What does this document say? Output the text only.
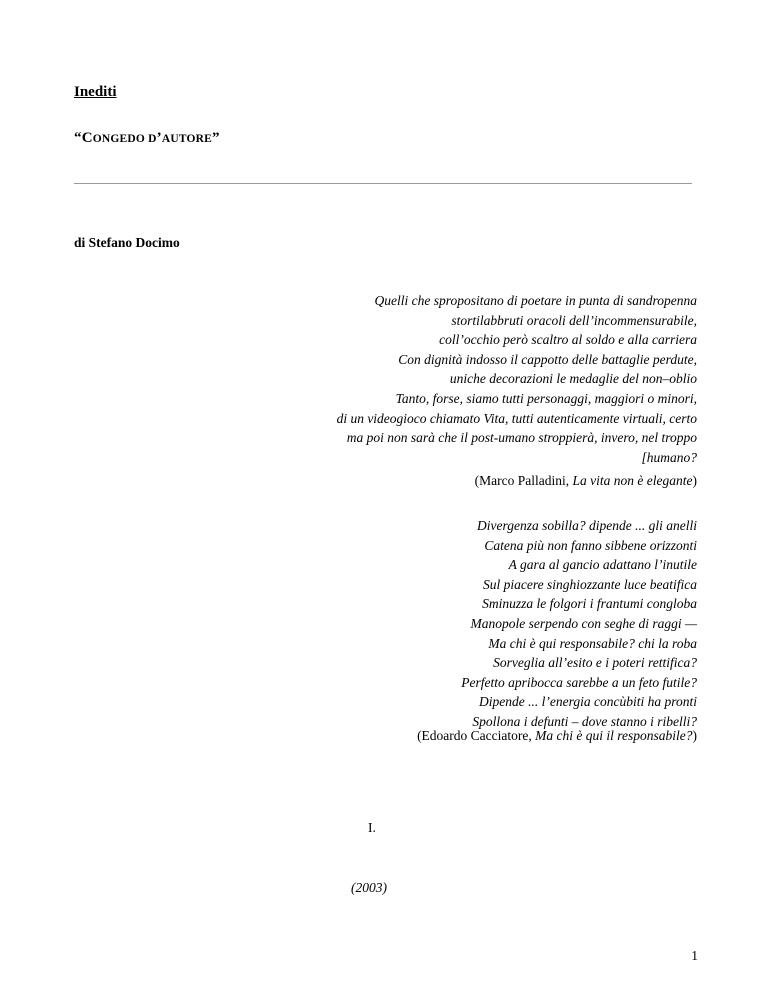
Inediti
“CONGEDO D’AUTORE”
di Stefano Docimo
Quelli che spropositano di poetare in punta di sandropenna
stortilabbruti oracoli dell’incommensurabile,
coll’occhio però scaltro al soldo e alla carriera
Con dignità indosso il cappotto delle battaglie perdute,
uniche decorazioni le medaglie del non–oblio
Tanto, forse, siamo tutti personaggi, maggiori o minori,
di un videogioco chiamato Vita, tutti autenticamente virtuali, certo
ma poi non sarà che il post-umano stroppierà, invero, nel troppo
[humano?
(Marco Palladini, La vita non è elegante)
Divergenza sobilla? dipende ... gli anelli
Catena più non fanno sibbene orizzonti
A gara al gancio adattano l’inutile
Sul piacere singhiozzante luce beatifica
Sminuzza le folgori i frantumi congloba
Manopole serpendo con seghe di raggi —
Ma chi è qui responsabile? chi la roba
Sorveglia all’esito e i poteri rettifica?
Perfetto apribocca sarebbe a un feto futile?
Dipende ... l’energia concùbiti ha pronti
Spollona i defunti – dove stanno i ribelli?
(Edoardo Cacciatore, Ma chi è qui il responsabile?)
I.
(2003)
1
